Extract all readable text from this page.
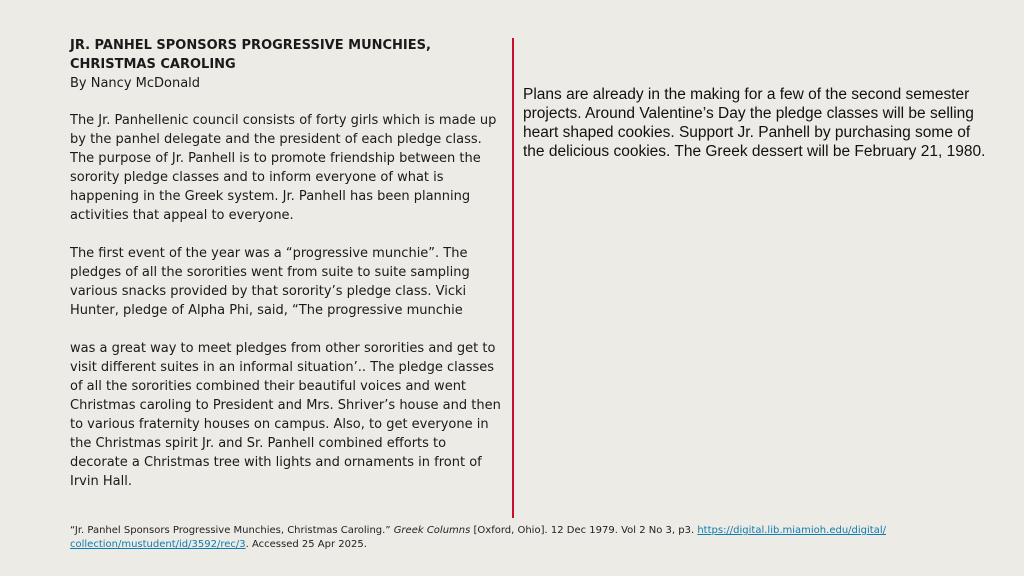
JR. PANHEL SPONSORS PROGRESSIVE MUNCHIES,
CHRISTMAS CAROLING

By Nancy McDonald

The Jr. Panhellenic council consists of forty girls which is made up by the panhel delegate and the president of each pledge class. The purpose of Jr. Panhell is to promote friendship between the sorority pledge classes and to inform everyone of what is happening in the Greek system. Jr. Panhell has been planning activities that appeal to everyone.

The first event of the year was a “progressive munchie”. The pledges of all the sororities went from suite to suite sampling various snacks provided by that sorority’s pledge class. Vicki Hunter, pledge of Alpha Phi, said, “The progressive munchie

was a great way to meet pledges from other sororities and get to visit different suites in an informal situation’.. The pledge classes of all the sororities combined their beautiful voices and went Christmas caroling to President and Mrs. Shriver’s house and then to various fraternity houses on campus. Also, to get everyone in the Christmas spirit Jr. and Sr. Panhell combined efforts to decorate a Christmas tree with lights and ornaments in front of Irvin Hall.

Plans are already in the making for a few of the second semester projects. Around Valentine’s Day the pledge classes will be selling heart shaped cookies. Support Jr. Panhell by purchasing some of the delicious cookies. The Greek dessert will be February 21, 1980.

“Jr. Panhel Sponsors Progressive Munchies, Christmas Caroling.” Greek Columns [Oxford, Ohio]. 12 Dec 1979. Vol 2 No 3, p3. https://digital.lib.miamioh.edu/digital/
collection/mustudent/id/3592/rec/3. Accessed 25 Apr 2025.
